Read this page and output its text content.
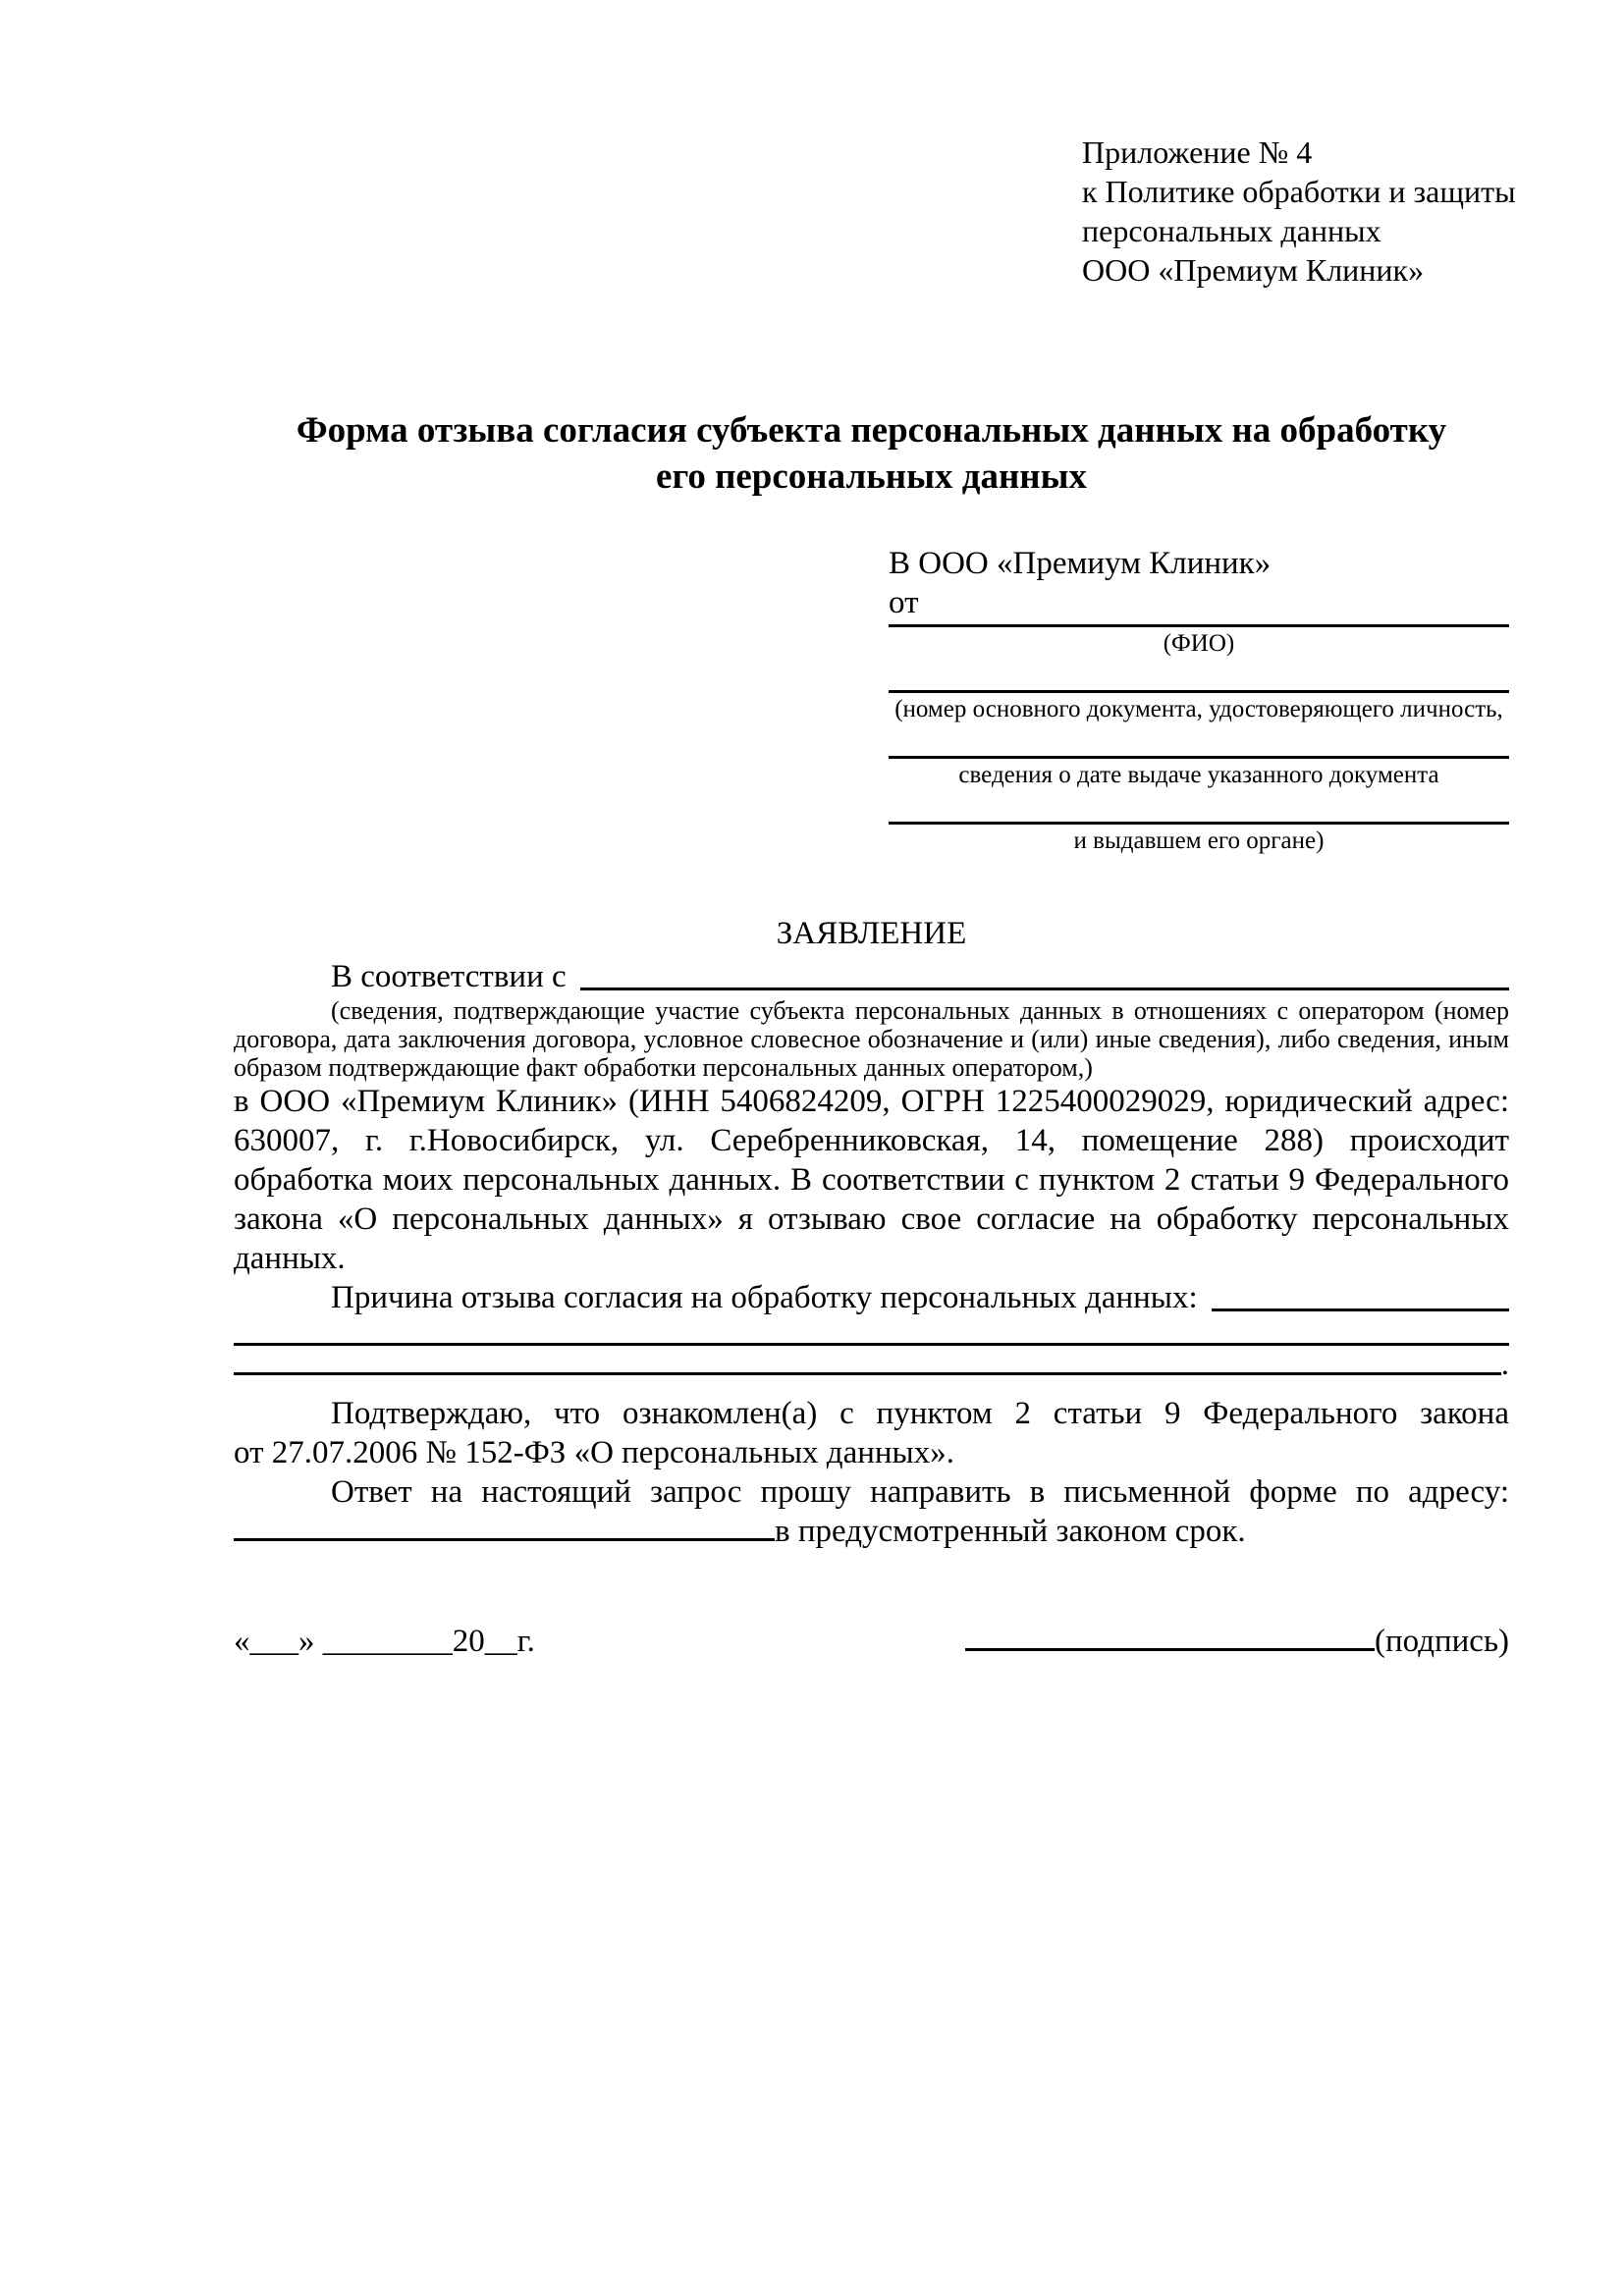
Приложение № 4
к Политике обработки и защиты
персональных данных
ООО «Премиум Клиник»
Форма отзыва согласия субъекта персональных данных на обработку
его персональных данных
В ООО «Премиум Клиник»
от
(ФИО)
(номер основного документа, удостоверяющего личность,
сведения о дате выдаче указанного документа
и выдавшем его органе)
ЗАЯВЛЕНИЕ
В соответствии с
(сведения, подтверждающие участие субъекта персональных данных в отношениях с оператором (номер договора, дата заключения договора, условное словесное обозначение и (или) иные сведения), либо сведения, иным образом подтверждающие факт обработки персональных данных оператором,)
в ООО «Премиум Клиник» (ИНН 5406824209, ОГРН 1225400029029, юридический адрес: 630007, г. г.Новосибирск, ул. Серебренниковская, 14, помещение 288) происходит обработка моих персональных данных. В соответствии с пунктом 2 статьи 9 Федерального закона «О персональных данных» я отзываю свое согласие на обработку персональных данных.
Причина отзыва согласия на обработку персональных данных:
.
Подтверждаю, что ознакомлен(а) с пунктом 2 статьи 9 Федерального закона
от 27.07.2006 № 152-ФЗ «О персональных данных».
Ответ на настоящий запрос прошу направить в письменной форме по адресу:
в предусмотренный законом срок.
«___» ________20__г.	(подпись)
